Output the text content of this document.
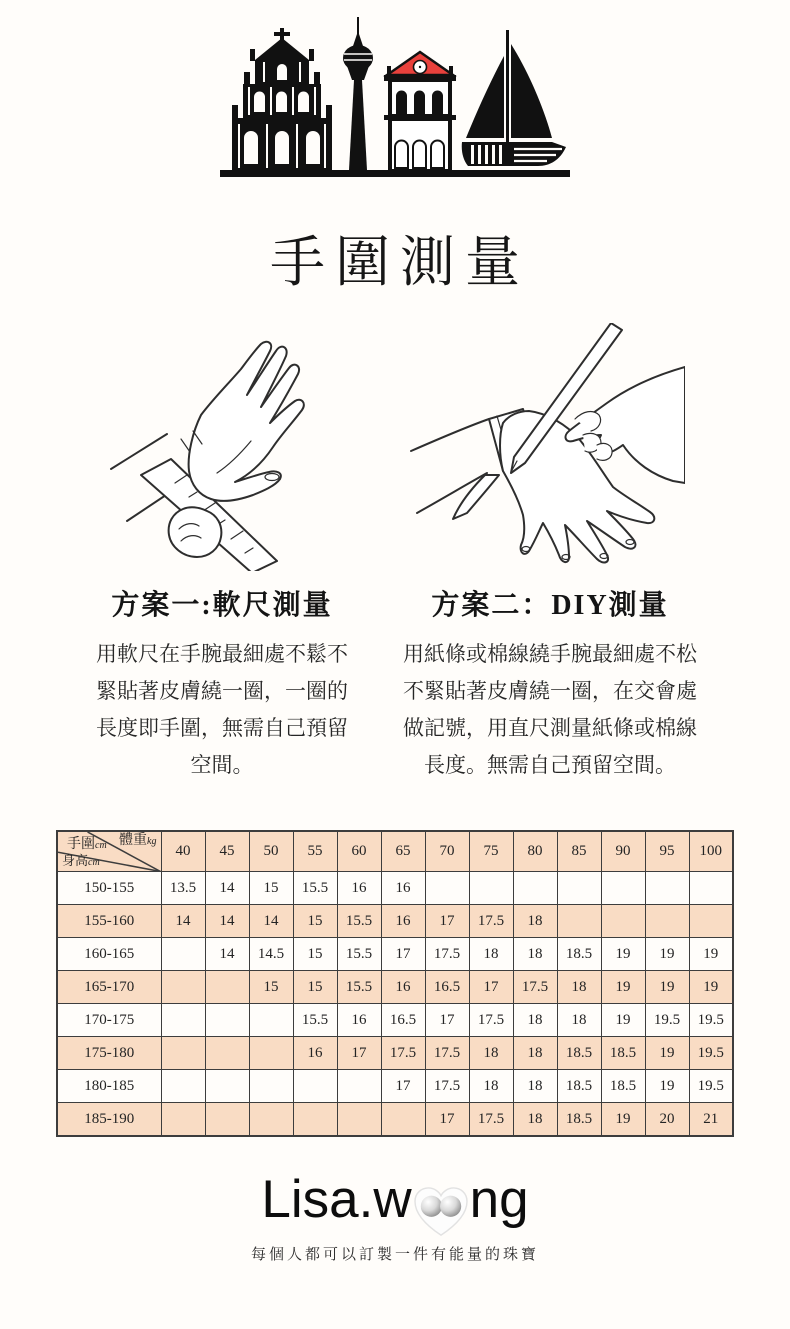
手圍測量
方案一:軟尺測量

用軟尺在手腕最細處不鬆不緊貼著皮膚繞一圈，一圈的長度即手圍，無需自己預留空間。

方案二：DIY測量

用紙條或棉線繞手腕最細處不松不緊貼著皮膚繞一圈，在交會處做記號，用直尺測量紙條或棉線長度。無需自己預留空間。

手圍cm 體重kg
身高cm	40	45	50	55	60	65	70	75	80	85	90	95	100
150-155	13.5	14	15	15.5	16	16							
155-160	14	14	14	15	15.5	16	17	17.5	18				
160-165		14	14.5	15	15.5	17	17.5	18	18	18.5	19	19	19
165-170			15	15	15.5	16	16.5	17	17.5	18	19	19	19
170-175				15.5	16	16.5	17	17.5	18	18	19	19.5	19.5
175-180				16	17	17.5	17.5	18	18	18.5	18.5	19	19.5
180-185						17	17.5	18	18	18.5	18.5	19	19.5
185-190							17	17.5	18	18.5	19	20	21
Lisa.w ng
每個人都可以訂製一件有能量的珠寶
